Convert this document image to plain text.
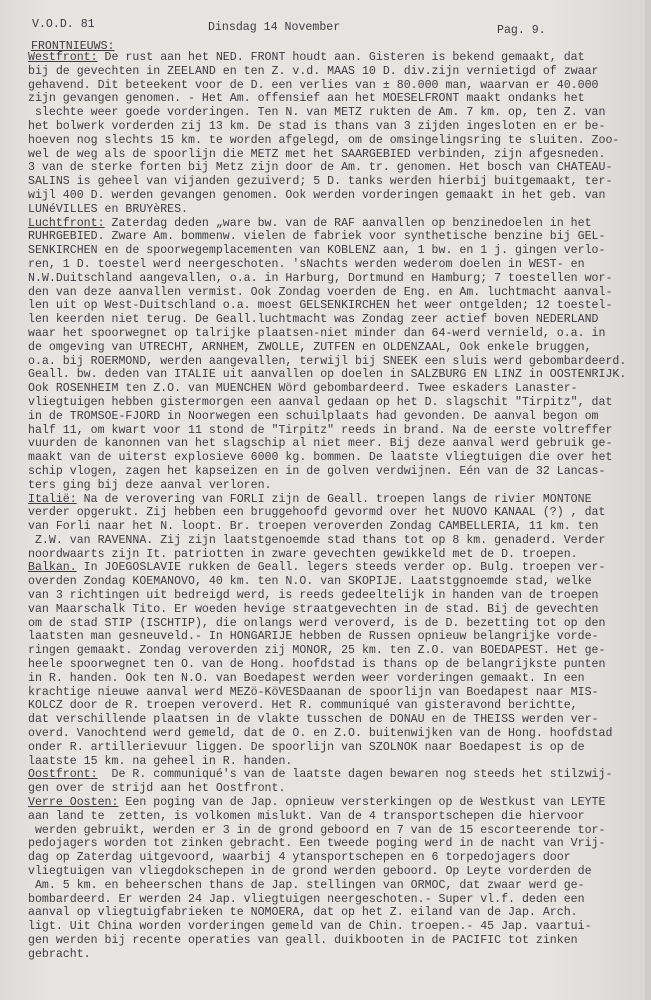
V.O.D. 81	Dinsdag 14 November	Pag. 9.
FRONTNIEUWS:
Westfront: De rust aan het NED. FRONT houdt aan. Gisteren is bekend gemaakt, dat
bij de gevechten in ZEELAND en ten Z. v.d. MAAS 10 D. div.zijn vernietigd of zwaar
gehavend. Dit beteekent voor de D. een verlies van ± 80.000 man, waarvan er 40.000
zijn gevangen genomen. - Het Am. offensief aan het MOESELFRONT maakt ondanks het
slechte weer goede vorderingen. Ten N. van METZ rukten de Am. 7 km. op, ten Z. van
het bolwerk vorderden zij 13 km. De stad is thans van 3 zijden ingesloten en er be-
hoeven nog slechts 15 km. te worden afgelegd, om de omsingelingsring te sluiten. Zoo-
wel de weg als de spoorlijn die METZ met het SAARGEBIED verbinden, zijn afgesneden.
3 van de sterke forten bij Metz zijn door de Am. tr. genomen. Het bosch van CHATEAU-
SALINS is geheel van vijanden gezuiverd; 5 D. tanks werden hierbij buitgemaakt, ter-
wijl 400 D. werden gevangen genomen. Ook werden vorderingen gemaakt in het geb. van
LUNéVILLES en BRUYèRES.
Luchtfront: Zaterdag deden „ware bw. van de RAF aanvallen op benzinedoelen in het
RUHRGEBIED. Zware Am. bommenw. vielen de fabriek voor synthetische benzine bij GEL-
SENKIRCHEN en de spoorwegemplacementen van KOBLENZ aan, 1 bw. en 1 j. gingen verlo-
ren, 1 D. toestel werd neergeschoten. 'sNachts werden wederom doelen in WEST- en
N.W.Duitschland aangevallen, o.a. in Harburg, Dortmund en Hamburg; 7 toestellen wor-
den van deze aanvallen vermist. Ook Zondag voerden de Eng. en Am. luchtmacht aanval-
len uit op West-Duitschland o.a. moest GELSENKIRCHEN het weer ontgelden; 12 toestel-
len keerden niet terug. De Geall.luchtmacht was Zondag zeer actief boven NEDERLAND
waar het spoorwegnet op talrijke plaatsen-niet minder dan 64-werd vernield, o.a. in
de omgeving van UTRECHT, ARNHEM, ZWOLLE, ZUTFEN en OLDENZAAL, Ook enkele bruggen,
o.a. bij ROERMOND, werden aangevallen, terwijl bij SNEEK een sluis werd gebombardeerd.
Geall. bw. deden van ITALIE uit aanvallen op doelen in SALZBURG EN LINZ in OOSTENRIJK.
Ook ROSENHEIM ten Z.O. van MUENCHEN Wörd gebombardeerd. Twee eskaders Lanaster-
vliegtuigen hebben gistermorgen een aanval gedaan op het D. slagschit "Tirpitz", dat
in de TROMSOE-FJORD in Noorwegen een schuilplaats had gevonden. De aanval begon om
half 11, om kwart voor 11 stond de "Tirpitz" reeds in brand. Na de eerste voltreffer
vuurden de kanonnen van het slagschip al niet meer. Bij deze aanval werd gebruik ge-
maakt van de uiterst explosieve 6000 kg. bommen. De laatste vliegtuigen die over het
schip vlogen, zagen het kapseizen en in de golven verdwijnen. Eén van de 32 Lancas-
ters ging bij deze aanval verloren.
Italië: Na de verovering van FORLI zijn de Geall. troepen langs de rivier MONTONE
verder opgerukt. Zij hebben een bruggehoofd gevormd over het NUOVO KANAAL (?) , dat
van Forli naar het N. loopt. Br. troepen veroverden Zondag CAMBELLERIA, 11 km. ten
Z.W. van RAVENNA. Zij zijn laatstgenoemde stad thans tot op 8 km. genaderd. Verder
noordwaarts zijn It. patriotten in zware gevechten gewikkeld met de D. troepen.
Balkan. In JOEGOSLAVIE rukken de Geall. legers steeds verder op. Bulg. troepen ver-
overden Zondag KOEMANOVO, 40 km. ten N.O. van SKOPIJE. Laatstggnoemde stad, welke
van 3 richtingen uit bedreigd werd, is reeds gedeeltelijk in handen van de troepen
van Maarschalk Tito. Er woeden hevige straatgevechten in de stad. Bij de gevechten
om de stad STIP (ISCHTIP), die onlangs werd veroverd, is de D. bezetting tot op den
laatsten man gesneuveld.- In HONGARIJE hebben de Russen opnieuw belangrijke vorde-
ringen gemaakt. Zondag veroverden zij MONOR, 25 km. ten Z.O. van BOEDAPEST. Het ge-
heele spoorwegnet ten O. van de Hong. hoofdstad is thans op de belangrijkste punten
in R. handen. Ook ten N.O. van Boedapest werden weer vorderingen gemaakt. In een
krachtige nieuwe aanval werd MEZö-KöVESDaanan de spoorlijn van Boedapest naar MIS-
KOLCZ door de R. troepen veroverd. Het R. communiqué van gisteravond berichtte,
dat verschillende plaatsen in de vlakte tusschen de DONAU en de THEISS werden ver-
overd. Vanochtend werd gemeld, dat de O. en Z.O. buitenwijken van de Hong. hoofdstad
onder R. artillerievuur liggen. De spoorlijn van SZOLNOK naar Boedapest is op de
laatste 15 km. na geheel in R. handen.
Oostfront:  De R. communiqué's van de laatste dagen bewaren nog steeds het stilzwij-
gen over de strijd aan het Oostfront.
Verre Oosten: Een poging van de Jap. opnieuw versterkingen op de Westkust van LEYTE
aan land te  zetten, is volkomen mislukt. Van de 4 transportschepen die hiervoor
werden gebruikt, werden er 3 in de grond geboord en 7 van de 15 escorteerende tor-
pedojagers worden tot zinken gebracht. Een tweede poging werd in de nacht van Vrij-
dag op Zaterdag uitgevoord, waarbij 4 ytansportschepen en 6 torpedojagers door
vliegtuigen van vliegdokschepen in de grond werden geboord. Op Leyte vorderden de
Am. 5 km. en beheerschen thans de Jap. stellingen van ORMOC, dat zwaar werd ge-
bombardeerd. Er werden 24 Jap. vliegtuigen neergeschoten.- Super vl.f. deden een
aanval op vliegtuigfabrieken te NOMOERA, dat op het Z. eiland van de Jap. Arch.
ligt. Uit China worden vorderingen gemeld van de Chin. troepen.- 45 Jap. vaartui-
gen werden bij recente operaties van geall. duikbooten in de PACIFIC tot zinken
gebracht.
